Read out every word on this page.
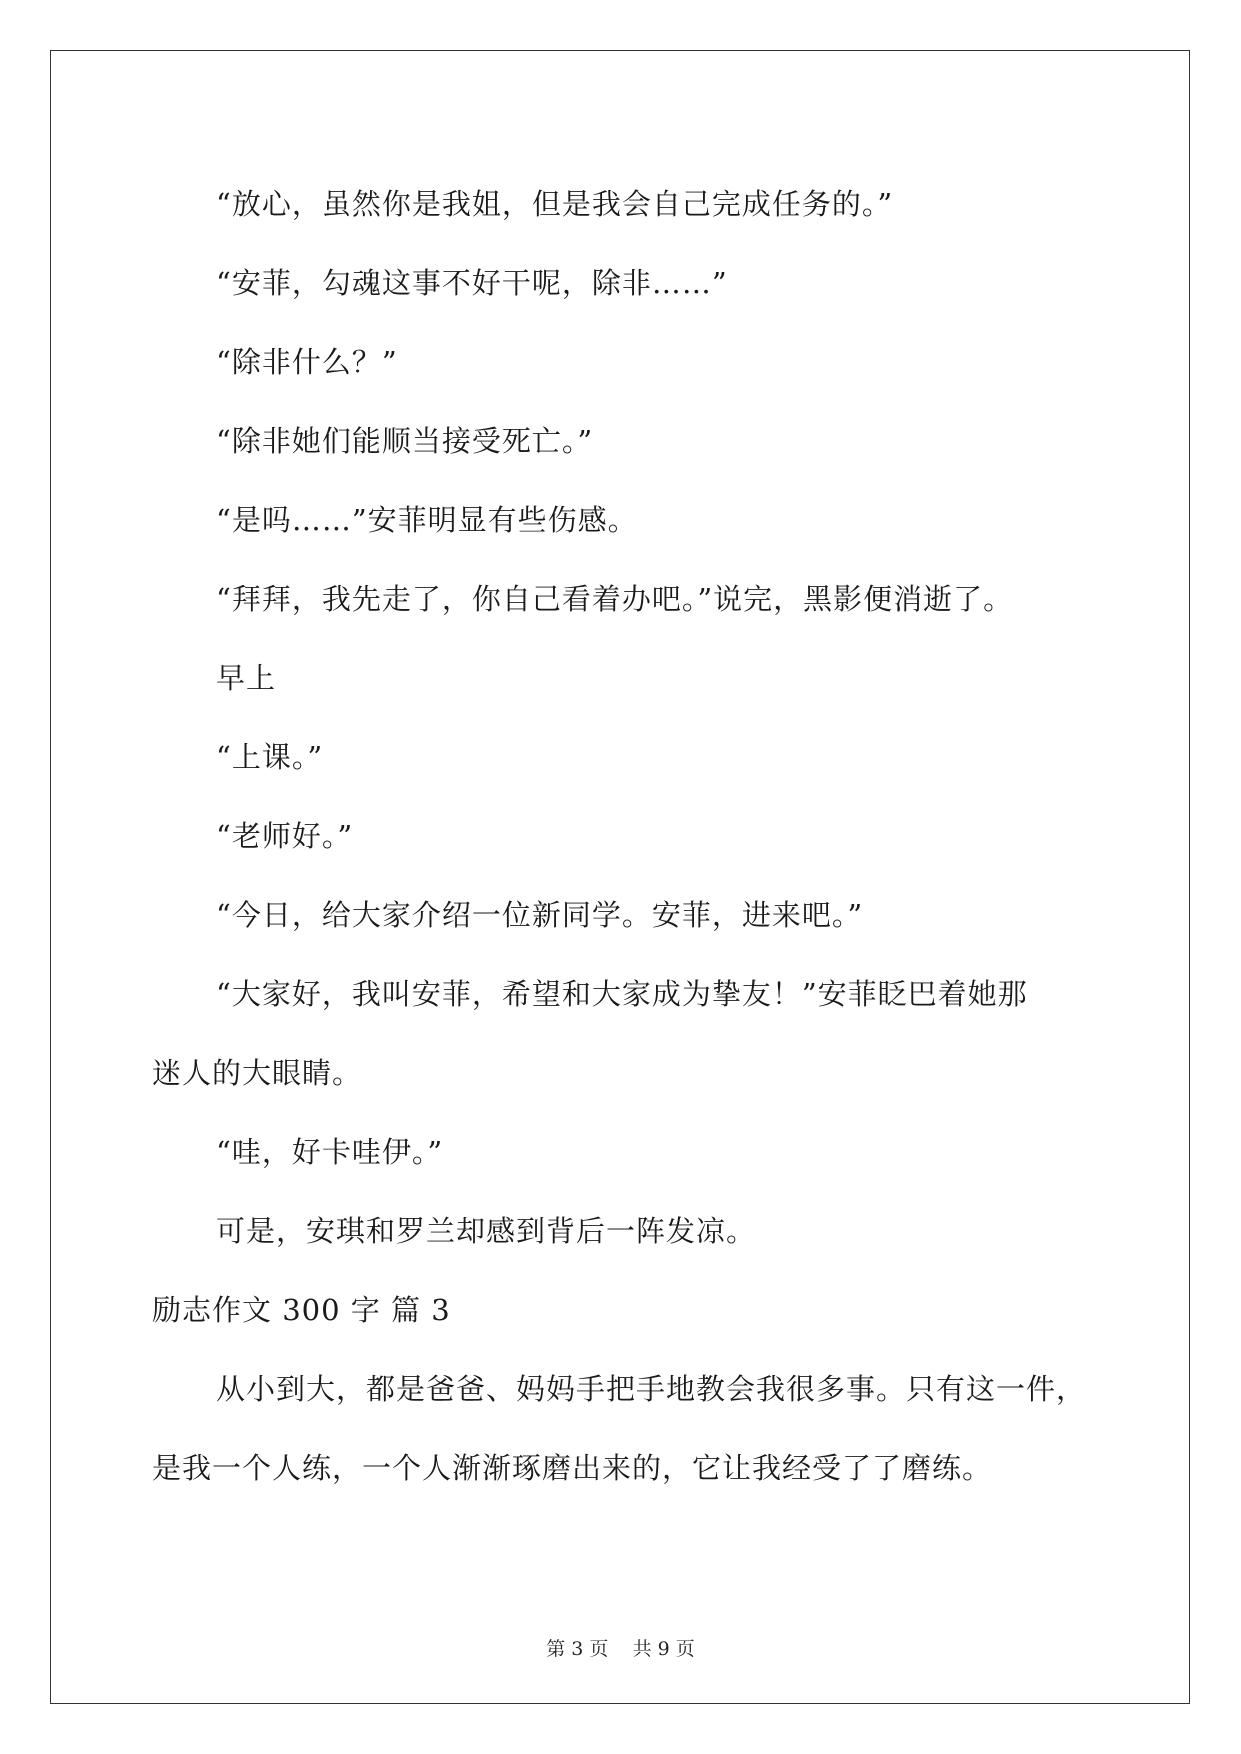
“放心，虽然你是我姐，但是我会自己完成任务的。”

“安菲，勾魂这事不好干呢，除非……”

“除非什么？”

“除非她们能顺当接受死亡。”

“是吗……”安菲明显有些伤感。

“拜拜，我先走了，你自己看着办吧。”说完，黑影便消逝了。

早上

“上课。”

“老师好。”

“今日，给大家介绍一位新同学。安菲，进来吧。”

“大家好，我叫安菲，希望和大家成为挚友！”安菲眨巴着她那

迷人的大眼睛。

“哇，好卡哇伊。”

可是，安琪和罗兰却感到背后一阵发凉。

励志作文 300 字 篇 3

从小到大，都是爸爸、妈妈手把手地教会我很多事。只有这一件，

是我一个人练，一个人渐渐琢磨出来的，它让我经受了了磨练。

第 3 页    共 9 页
